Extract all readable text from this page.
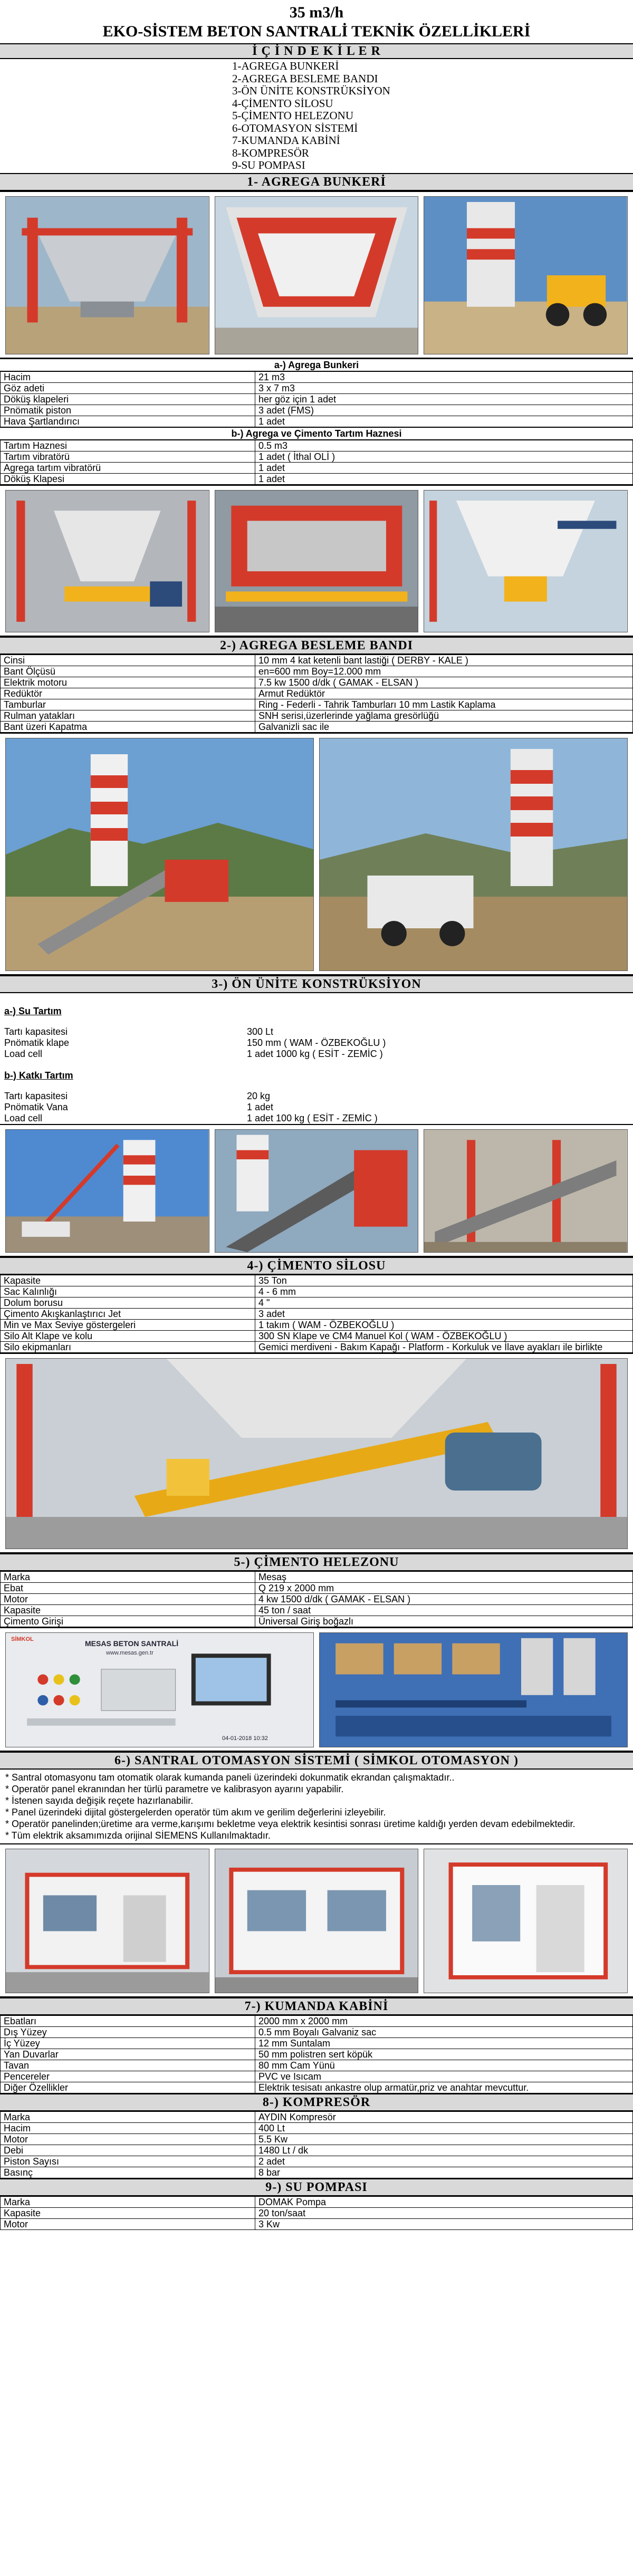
35 m3/h
EKO-SİSTEM BETON SANTRALİ TEKNİK ÖZELLİKLERİ
İ Ç İ N D E K İ L E R
1-AGREGA BUNKERİ
2-AGREGA BESLEME BANDI
3-ÖN ÜNİTE KONSTRÜKSİYON
4-ÇİMENTO SİLOSU
5-ÇİMENTO HELEZONU
6-OTOMASYON SİSTEMİ
7-KUMANDA KABİNİ
8-KOMPRESÖR
9-SU POMPASI
1- AGREGA BUNKERİ
a-) Agrega Bunkeri
Hacim	21 m3
Göz adeti	3 x 7 m3
Döküş klapeleri	her göz için 1 adet
Pnömatik piston	3 adet (FMS)
Hava Şartlandırıcı	1 adet
b-) Agrega ve Çimento Tartım Haznesi
Tartım Haznesi	0.5 m3
Tartım vibratörü	1 adet ( İthal OLİ )
Agrega tartım vibratörü	1 adet
Döküş Klapesi	1 adet
2-) AGREGA BESLEME BANDI
Cinsi	10 mm 4 kat ketenli bant lastiği ( DERBY - KALE )
Bant Ölçüsü	en=600 mm Boy=12.000 mm
Elektrik motoru	7.5 kw 1500 d/dk ( GAMAK - ELSAN )
Redüktör	Armut Redüktör
Tamburlar	Ring - Federli - Tahrik Tamburları 10 mm Lastik Kaplama
Rulman yatakları	SNH serisi,üzerlerinde yağlama gresörlüğü
Bant üzeri Kapatma	Galvanizli sac ile
3-) ÖN ÜNİTE KONSTRÜKSİYON
a-) Su Tartım
Tartı kapasitesi	300 Lt
Pnömatik klape	150 mm ( WAM - ÖZBEKOĞLU )
Load cell	1 adet 1000 kg ( ESİT - ZEMİC )
b-) Katkı Tartım
Tartı kapasitesi	20 kg
Pnömatik Vana	1 adet
Load cell	1 adet 100 kg ( ESİT - ZEMİC )
4-) ÇİMENTO SİLOSU
Kapasite	35 Ton
Sac Kalınlığı	4 - 6 mm
Dolum borusu	4 "
Çimento Akışkanlaştırıcı Jet	3 adet
Min ve Max Seviye göstergeleri	1 takım ( WAM - ÖZBEKOĞLU )
Silo Alt Klape ve kolu	300 SN Klape ve CM4 Manuel Kol ( WAM - ÖZBEKOĞLU )
Silo ekipmanları	Gemici merdiveni - Bakım Kapağı - Platform - Korkuluk ve İlave ayakları ile birlikte
5-) ÇİMENTO HELEZONU
Marka	Mesaş
Ebat	Q 219 x 2000 mm
Motor	4 kw 1500 d/dk ( GAMAK - ELSAN )
Kapasite	45 ton / saat
Çimento Girişi	Üniversal Giriş boğazlı
SİMKOL	MESAS BETON SANTRALİ
www.mesas.gen.tr
04-01-2018 10:32
6-) SANTRAL OTOMASYON SİSTEMİ ( SİMKOL OTOMASYON )
* Santral otomasyonu tam otomatik olarak kumanda paneli üzerindeki dokunmatik ekrandan çalışmaktadır..
* Operatör panel ekranından her türlü parametre ve kalibrasyon ayarını yapabilir.
* İstenen sayıda değişik reçete hazırlanabilir.
* Panel üzerindeki dijital göstergelerden operatör tüm akım ve gerilim değerlerini izleyebilir.
* Operatör panelinden;üretime ara verme,karışımı bekletme veya elektrik kesintisi sonrası üretime kaldığı yerden devam edebilmektedir.
* Tüm elektrik aksamımızda orijinal SİEMENS Kullanılmaktadır.
7-) KUMANDA KABİNİ
Ebatları	2000 mm x 2000 mm
Dış Yüzey	0.5 mm Boyalı Galvaniz sac
İç Yüzey	12 mm Suntalam
Yan Duvarlar	50 mm polistren sert köpük
Tavan	80 mm Cam Yünü
Pencereler	PVC ve Isıcam
Diğer Özellikler	Elektrik tesisatı ankastre olup armatür,priz ve anahtar mevcuttur.
8-) KOMPRESÖR
Marka	AYDIN Kompresör
Hacim	400 Lt
Motor	5.5 Kw
Debi	1480 Lt / dk
Piston Sayısı	2 adet
Basınç	8 bar
9-) SU POMPASI
Marka	DOMAK Pompa
Kapasite	20 ton/saat
Motor	3 Kw
